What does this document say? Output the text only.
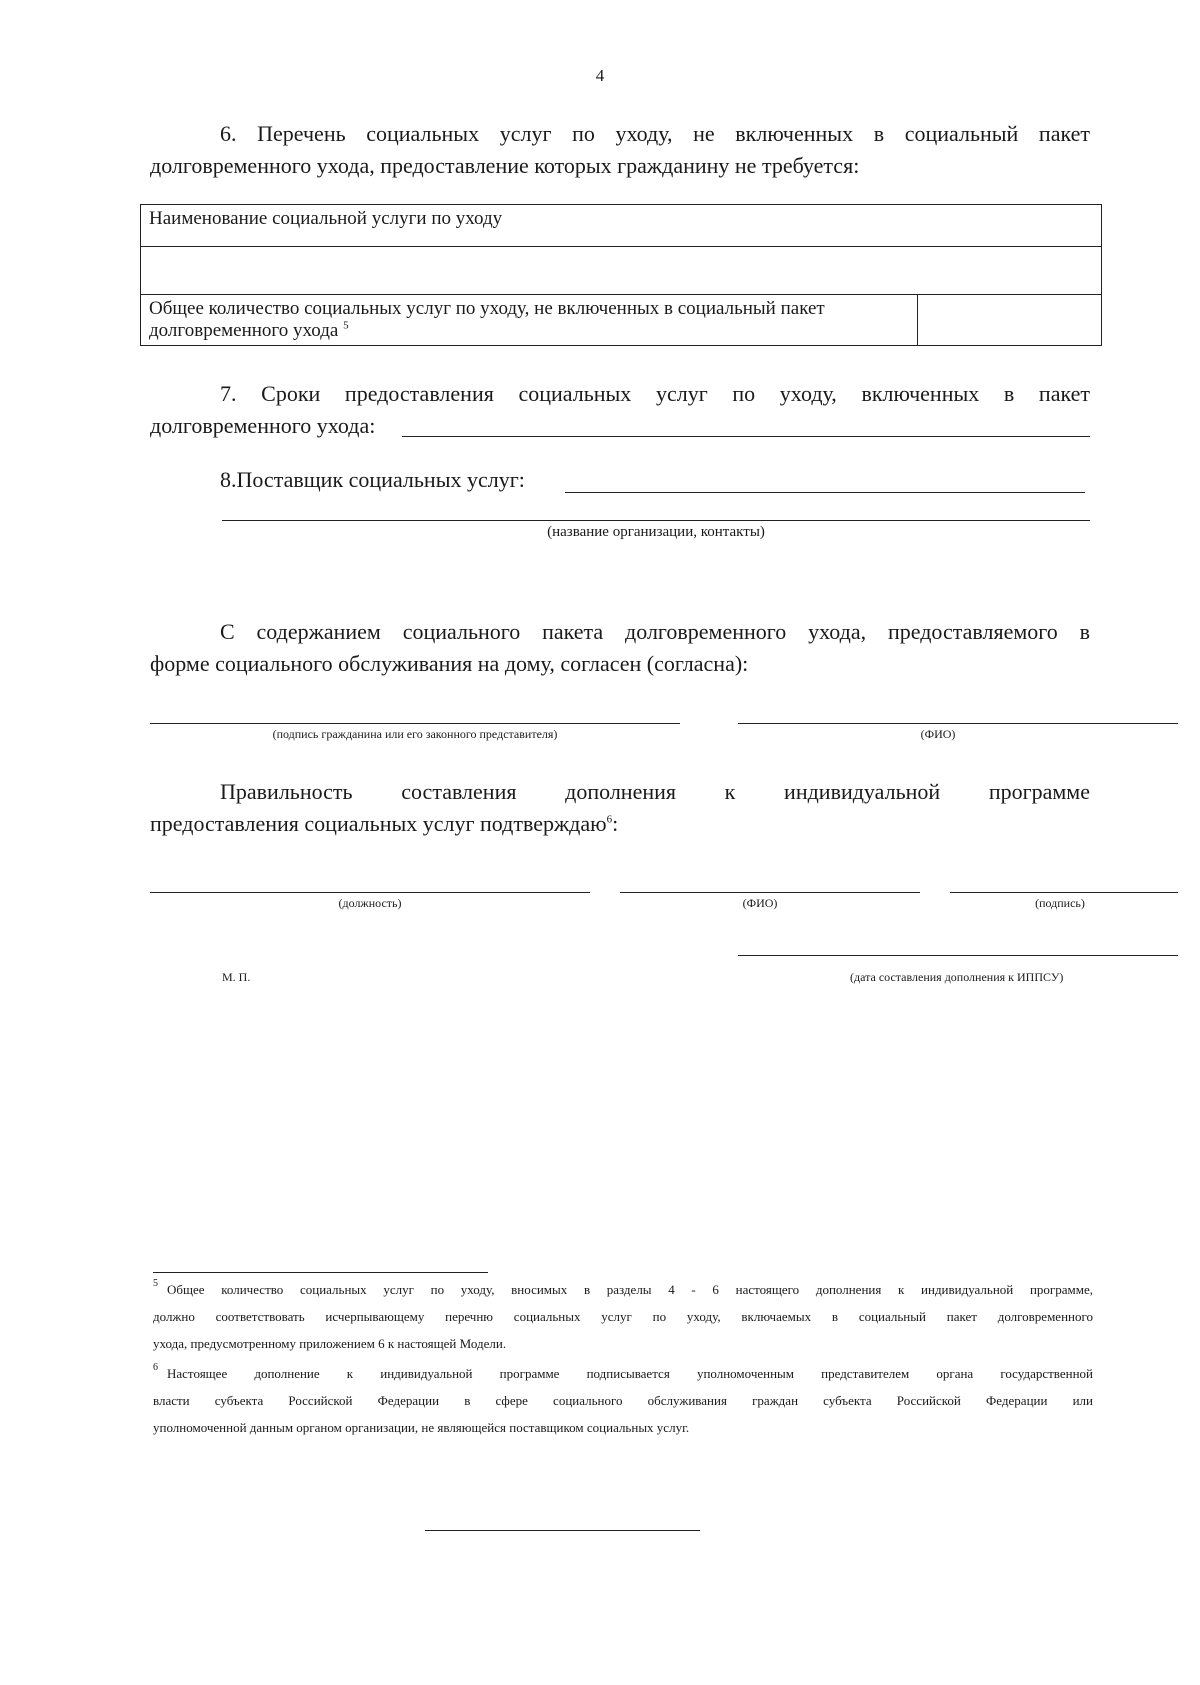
4
6. Перечень социальных услуг по уходу, не включенных в социальный пакет
долговременного ухода, предоставление которых гражданину не требуется:
Наименование социальной услуги по уходу

Общее количество социальных услуг по уходу, не включенных в социальный пакет долговременного ухода $^5$	
7. Сроки предоставления социальных услуг по уходу, включенных в пакет
долговременного ухода:
8.Поставщик социальных услуг:
(название организации, контакты)
С содержанием социального пакета долговременного ухода, предоставляемого в
форме социального обслуживания на дому, согласен (согласна):
(подпись гражданина или его законного представителя)	(ФИО)
Правильность составления дополнения к индивидуальной программе
предоставления социальных услуг подтверждаю$^6$:
(должность)	(ФИО)	(подпись)
М. П.	(дата составления дополнения к ИППСУ)
5 Общее количество социальных услуг по уходу, вносимых в разделы 4 - 6 настоящего дополнения к индивидуальной программе,
должно соответствовать исчерпывающему перечню социальных услуг по уходу, включаемых в социальный пакет долговременного
ухода, предусмотренному приложением 6 к настоящей Модели.
6 Настоящее дополнение к индивидуальной программе подписывается уполномоченным представителем органа государственной
власти субъекта Российской Федерации в сфере социального обслуживания граждан субъекта Российской Федерации или
уполномоченной данным органом организации, не являющейся поставщиком социальных услуг.
